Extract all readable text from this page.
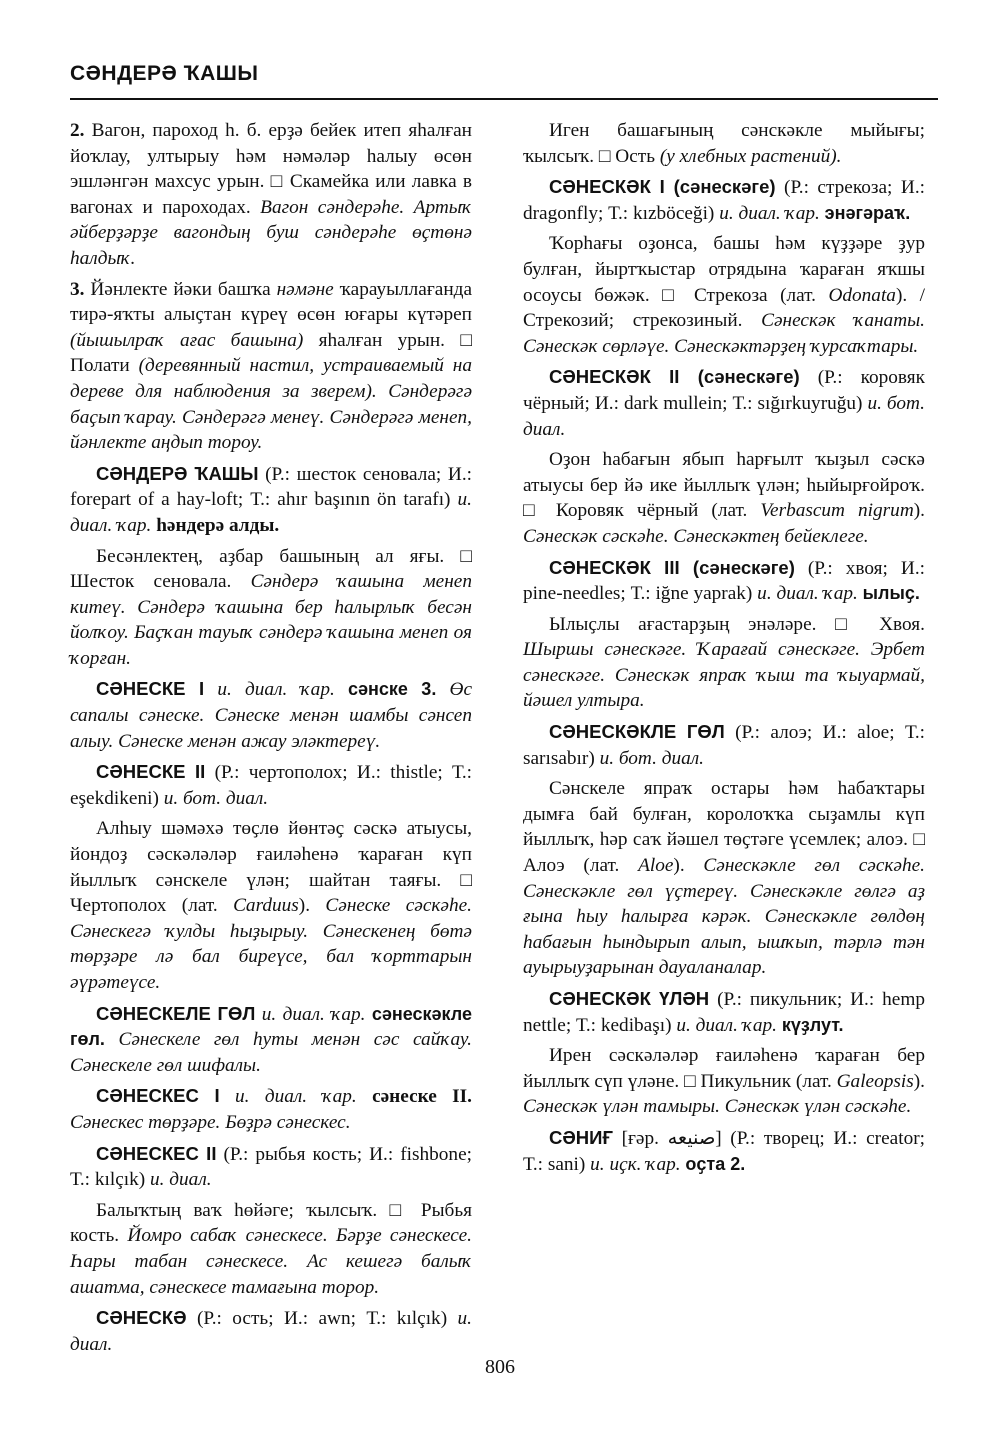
СӘНДЕРӘ ҠАШЫ

2. Вагон, пароход һ. б. ерҙә бейек итеп яһалған йоҡлау, ултырыу һәм нәмәләр һалыу өсөн эшләнгән махсус урын. □ Скамейка или лавка в вагонах и пароходах. Вагон сәндерәһе. Артыҡ әйберҙәрҙе вагондың буш сәндерәһе өҫтөнә һалдыҡ.

3. Йәнлекте йәки башҡа нәмәне ҡарауыллағанда тирә-яҡты алыҫтан күреү өсөн юғары күтәреп (йышылраҡ ағас башына) яһалған урын. □ Полати (деревянный настил, устраиваемый на дереве для наблюдения за зверем). Сәндерәгә баҫып ҡарау. Сәндерәгә менеү. Сәндерәгә менеп, йәнлекте аңдып тороу.

СӘНДЕРӘ ҠАШЫ (Р.: шесток сеновала; И.: forepart of a hay-loft; Т.: ahır başının ön tarafı) и. диал. ҡар. һәндерә алды.

Бесәнлектең, аҙбар башының ал яғы. □ Шесток сеновала. Сәндерә ҡашына менеп китеү. Сәндерә ҡашына бер һалырлыҡ бесән йолҡоу. Баҫҡан тауыҡ сәндерә ҡашына менеп оя ҡорған.

СӘНЕСКЕ I и. диал. ҡар. сәнске 3. Өс сапалы сәнеске. Сәнеске менән шамбы сәнсеп алыу. Сәнеске менән ажау эләктереү.

СӘНЕСКЕ II (Р.: чертополох; И.: thistle; Т.: eşekdikeni) и. бот. диал.

Алһыу шәмәхә төҫлө йөнтәҫ сәскә атыусы, йондоҙ сәскәләләр ғаиләһенә ҡараған күп йыллыҡ сәнскеле үлән; шайтан таяғы. □ Чертополох (лат. Carduus). Сәнеске сәскәһе. Сәнескегә ҡулды һыҙырыу. Сәнескенең бөтә төрҙәре лә бал биреүсе, бал ҡорттарын әүрәтеүсе.

СӘНЕСКЕЛЕ ГӨЛ и. диал. ҡар. сәнескәкле гөл. Сәнескеле гөл һуты менән сәс сайҡау. Сәнескеле гөл шифалы.

СӘНЕСКЕС I и. диал. ҡар. сәнеске II. Сәнескес төрҙәре. Бөҙрә сәнескес.

СӘНЕСКЕС II (Р.: рыбья кость; И.: fishbone; Т.: kılçık) и. диал.

Балыҡтың ваҡ һөйәге; ҡылсыҡ. □ Рыбья кость. Йомро сабаҡ сәнескесе. Бәрҙе сәнескесе. Һары табан сәнескесе. Ас кешегә балыҡ ашатма, сәнескесе тамағына торор.

СӘНЕСКӘ (Р.: ость; И.: awn; Т.: kılçık) и. диал.

Иген башағының сәнскәкле мыйығы; ҡылсыҡ. □ Ость (у хлебных растений).

СӘНЕСКӘК I (сәнескәге) (Р.: стрекоза; И.: dragonfly; Т.: kızböceği) и. диал. ҡар. энәгәраҡ.

Ҡорһағы оҙонса, башы һәм күҙҙәре ҙур булған, йыртҡыстар отрядына ҡараған яҡшы осоусы бөжәк. □ Стрекоза (лат. Odonata). / Стрекозий; стрекозиный. Сәнескәк ҡанаты. Сәнескәк сөрләүе. Сәнескәктәрҙең ҡурсаҡтары.

СӘНЕСКӘК II (сәнескәге) (Р.: коровяк чёрный; И.: dark mullein; Т.: sığırkuyruğu) и. бот. диал.

Оҙон һабағын ябып һарғылт ҡыҙыл сәскә атыусы бер йә ике йыллыҡ үлән; һыйырғойроҡ. □ Коровяк чёрный (лат. Verbascum nigrum). Сәнескәк сәскәһе. Сәнескәктең бейеклеге.

СӘНЕСКӘК III (сәнескәге) (Р.: хвоя; И.: pine-needles; Т.: iğne yaprak) и. диал. ҡар. ылыҫ.

Ылыҫлы ағастарҙың энәләре. □ Хвоя. Шыршы сәнескәге. Ҡарағай сәнескәге. Эрбет сәнескәге. Сәнескәк япраҡ ҡыш та ҡыуармай, йәшел ултыра.

СӘНЕСКӘКЛЕ ГӨЛ (Р.: алоэ; И.: aloe; Т.: sarısabır) и. бот. диал.

Сәнскеле япраҡ остары һәм һабаҡтары дымға бай булған, королоҡҡа сыҙамлы күп йыллыҡ, һәр саҡ йәшел төҫтәге үсемлек; алоэ. □ Алоэ (лат. Aloe). Сәнескәкле гөл сәскәһе. Сәнескәкле гөл үҫтереү. Сәнескәкле гөлгә аҙ ғына һыу һалырға кәрәк. Сәнескәкле гөлдөң һабағын һындырып алып, ышҡып, тәрлә тән ауырыуҙарынан дауаланалар.

СӘНЕСКӘК ҮЛӘН (Р.: пикульник; И.: hemp nettle; Т.: kedibaşı) и. диал. ҡар. күҙлут.

Ирен сәскәләләр ғаиләһенә ҡараған бер йыллыҡ сүп үләне. □ Пикульник (лат. Galeopsis). Сәнескәк үлән тамыры. Сәнескәк үлән сәскәһе.

СӘНИҒ [ғәр. صنيعه] (Р.: творец; И.: creator; Т.: sani) и. иҫк. ҡар. оҫта 2.

806
